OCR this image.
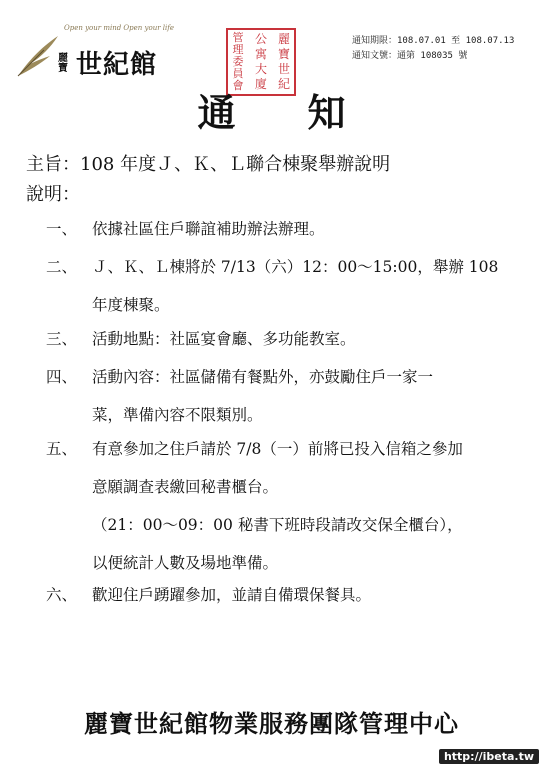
Open your mind Open your life
麗寶 世紀館
麗
寶
世
紀
公
寓
大
廈
管
理
委
員
會
通知期限：108.07.01 至 108.07.13
通知文號：通第 108035 號
通知
主旨：108 年度Ｊ、Ｋ、Ｌ聯合棟聚舉辦說明
說明：
一、 依據社區住戶聯誼補助辦法辦理。
二、 Ｊ、Ｋ、Ｌ棟將於 7/13（六）12：00～15:00，舉辦 108
年度棟聚。
三、 活動地點：社區宴會廳、多功能教室。
四、 活動內容：社區儲備有餐點外，亦鼓勵住戶一家一
菜，準備內容不限類別。
五、 有意參加之住戶請於 7/8（一）前將已投入信箱之參加
意願調查表繳回秘書櫃台。
（21：00～09：00 秘書下班時段請改交保全櫃台），
以便統計人數及場地準備。
六、 歡迎住戶踴躍參加，並請自備環保餐具。
麗寶世紀館物業服務團隊管理中心
http://ibeta.tw
